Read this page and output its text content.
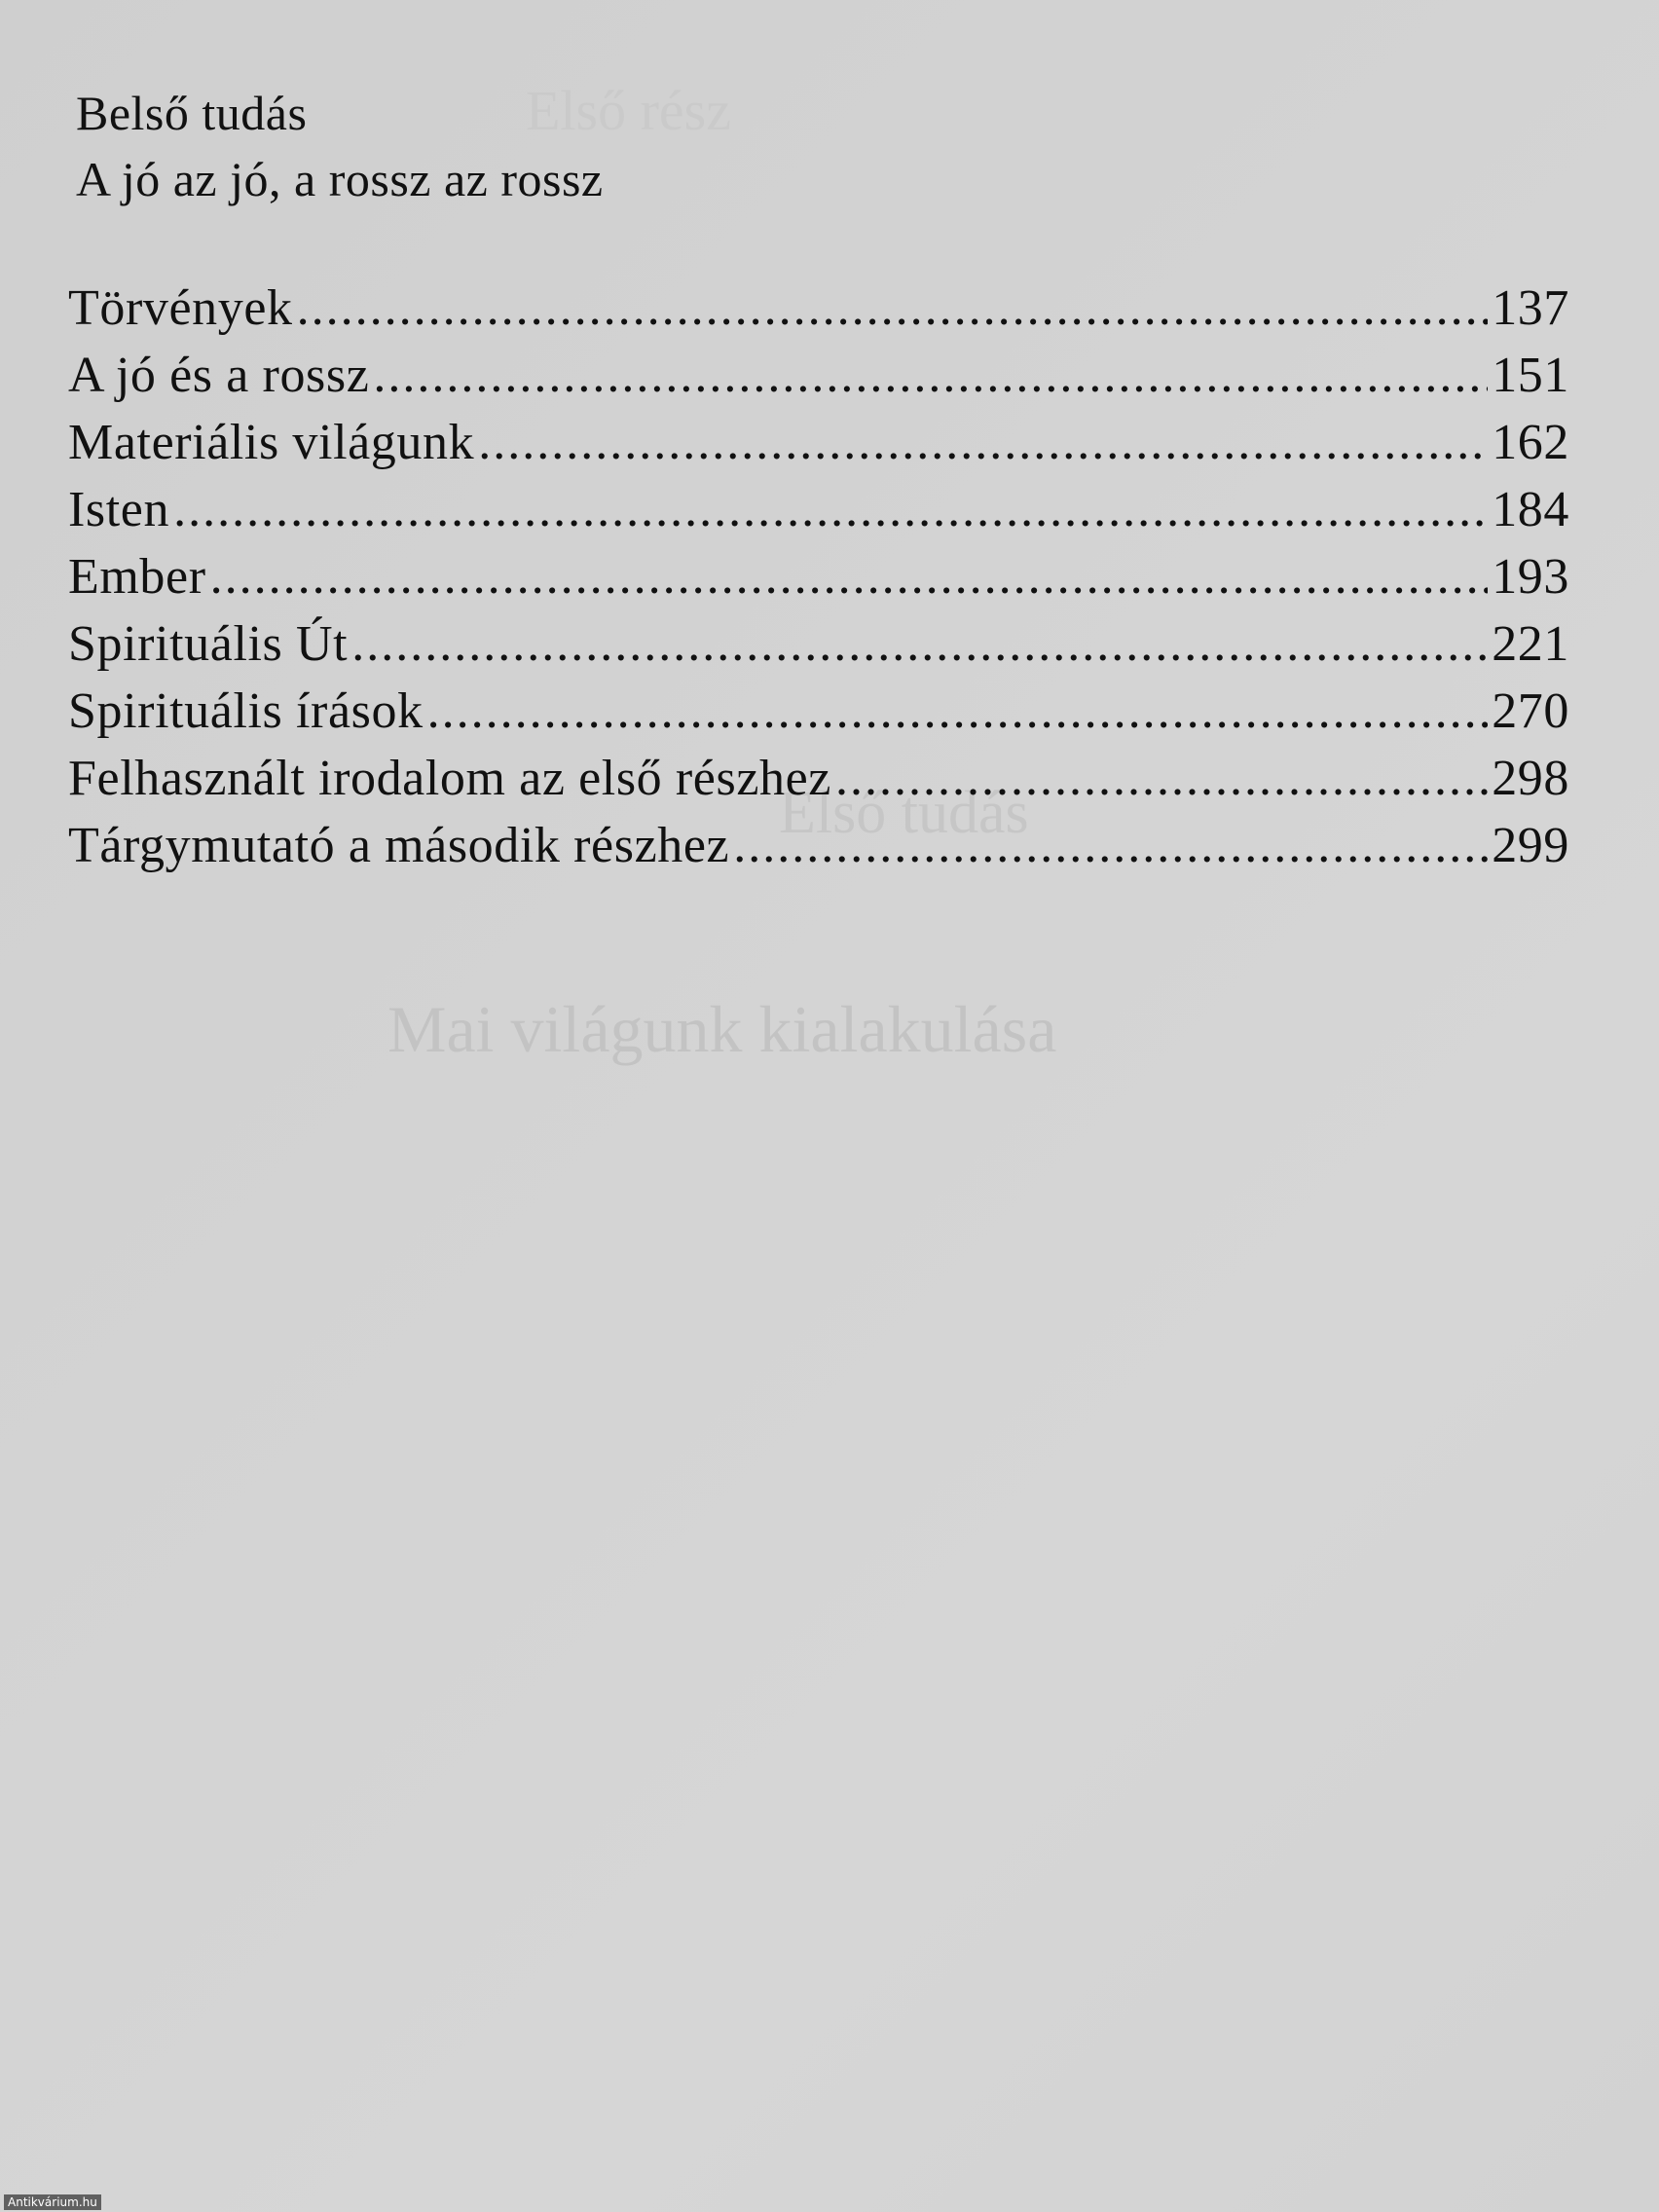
Első rész
Első tudás
Mai világunk kialakulása
Belső tudás
A jó az jó, a rossz az rossz
Törvények .....	137
A jó és a rossz .....	151
Materiális világunk .....	162
Isten .....	184
Ember .....	193
Spirituális Út .....	221
Spirituális írások .....	270
Felhasznált irodalom az első részhez .....	298
Tárgymutató a második részhez .....	299
Antikvárium.hu
